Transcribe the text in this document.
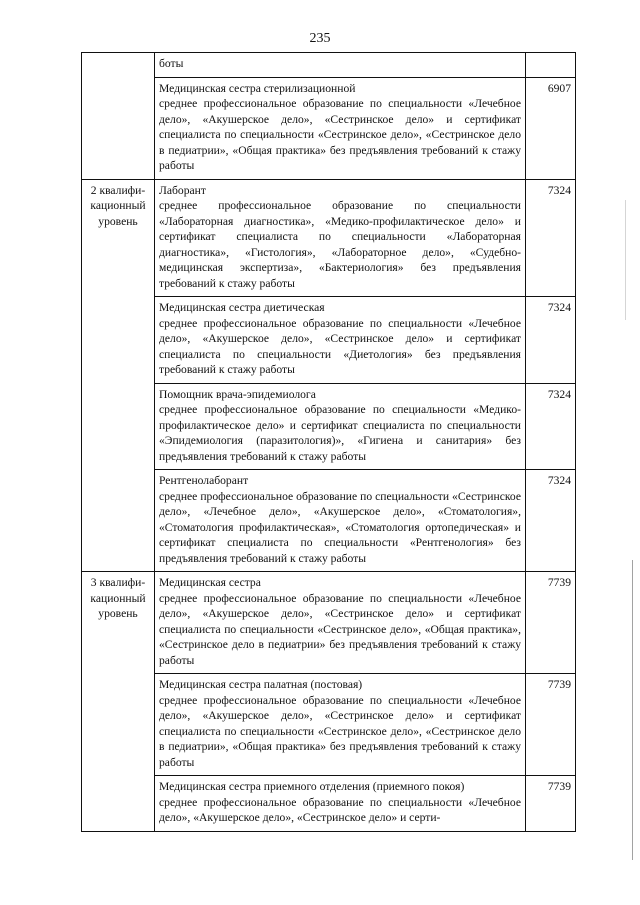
235

	боты	

	Медицинская сестра стерилизационной
среднее профессиональное образование по специальности «Лечебное дело», «Акушерское дело», «Сестринское дело» и сертификат специалиста по специальности «Сестринское дело», «Сестринское дело в педиатрии», «Общая практика» без предъявления требований к стажу работы	6907

2 квалифи-кационный уровень	Лаборант
среднее профессиональное образование по специальности «Лабораторная диагностика», «Медико-профилактическое дело» и сертификат специалиста по специальности «Лабораторная диагностика», «Гистология», «Лабораторное дело», «Судебно-медицинская экспертиза», «Бактериология» без предъявления требований к стажу работы	7324

	Медицинская сестра диетическая
среднее профессиональное образование по специальности «Лечебное дело», «Акушерское дело», «Сестринское дело» и сертификат специалиста по специальности «Диетология» без предъявления требований к стажу работы	7324

	Помощник врача-эпидемиолога
среднее профессиональное образование по специальности «Медико-профилактическое дело» и сертификат специалиста по специальности «Эпидемиология (паразитология)», «Гигиена и санитария» без предъявления требований к стажу работы	7324

	Рентгенолаборант
среднее профессиональное образование по специальности «Сестринское дело», «Лечебное дело», «Акушерское дело», «Стоматология», «Стоматология профилактическая», «Стоматология ортопедическая» и сертификат специалиста по специальности «Рентгенология» без предъявления требований к стажу работы	7324

3 квалифи-кационный уровень	Медицинская сестра
среднее профессиональное образование по специальности «Лечебное дело», «Акушерское дело», «Сестринское дело» и сертификат специалиста по специальности «Сестринское дело», «Общая практика», «Сестринское дело в педиатрии» без предъявления требований к стажу работы	7739

	Медицинская сестра палатная (постовая)
среднее профессиональное образование по специальности «Лечебное дело», «Акушерское дело», «Сестринское дело» и сертификат специалиста по специальности «Сестринское дело», «Сестринское дело в педиатрии», «Общая практика» без предъявления требований к стажу работы	7739

	Медицинская сестра приемного отделения (приемного покоя)
среднее профессиональное образование по специальности «Лечебное дело», «Акушерское дело», «Сестринское дело» и серти-	7739
